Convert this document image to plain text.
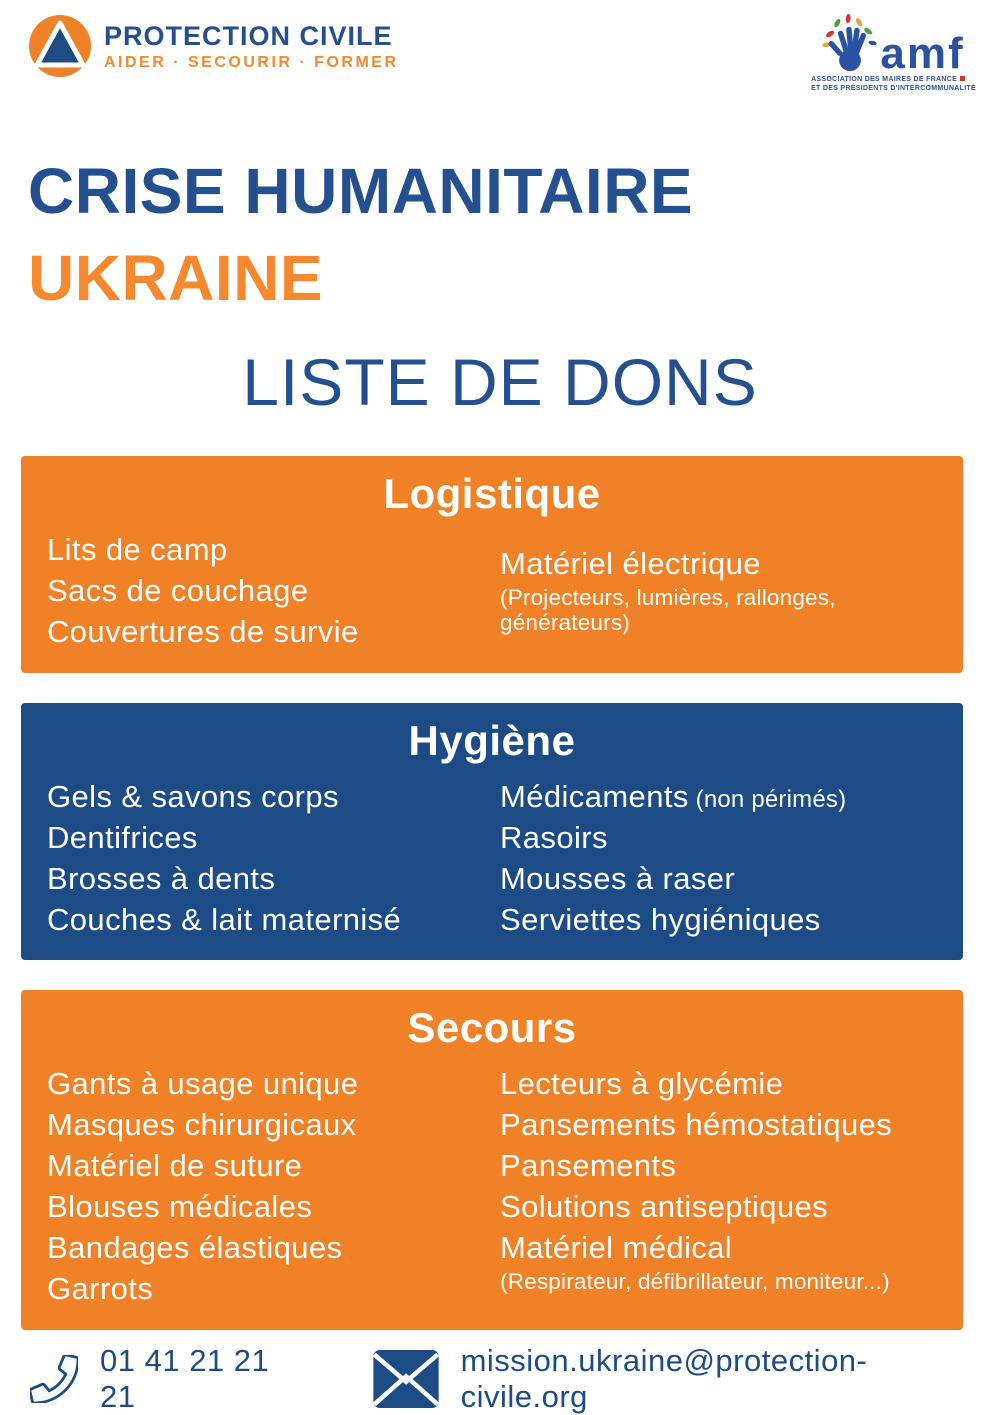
PROTECTION CIVILE
AIDER · SECOURIR · FORMER	amf
ASSOCIATION DES MAIRES DE FRANCE
ET DES PRÉSIDENTS D'INTERCOMMUNALITÉ
CRISE HUMANITAIRE
UKRAINE
LISTE DE DONS
Logistique
Lits de camp
Sacs de couchage
Couvertures de survie
Matériel électrique
(Projecteurs, lumières, rallonges, générateurs)
Hygiène
Gels & savons corps
Dentifrices
Brosses à dents
Couches & lait maternisé
Médicaments (non périmés)
Rasoirs
Mousses à raser
Serviettes hygiéniques
Secours
Gants à usage unique
Masques chirurgicaux
Matériel de suture
Blouses médicales
Bandages élastiques
Garrots
Lecteurs à glycémie
Pansements hémostatiques
Pansements
Solutions antiseptiques
Matériel médical
(Respirateur, défibrillateur, moniteur...)
01 41 21 21 21
mission.ukraine@protection-civile.org
